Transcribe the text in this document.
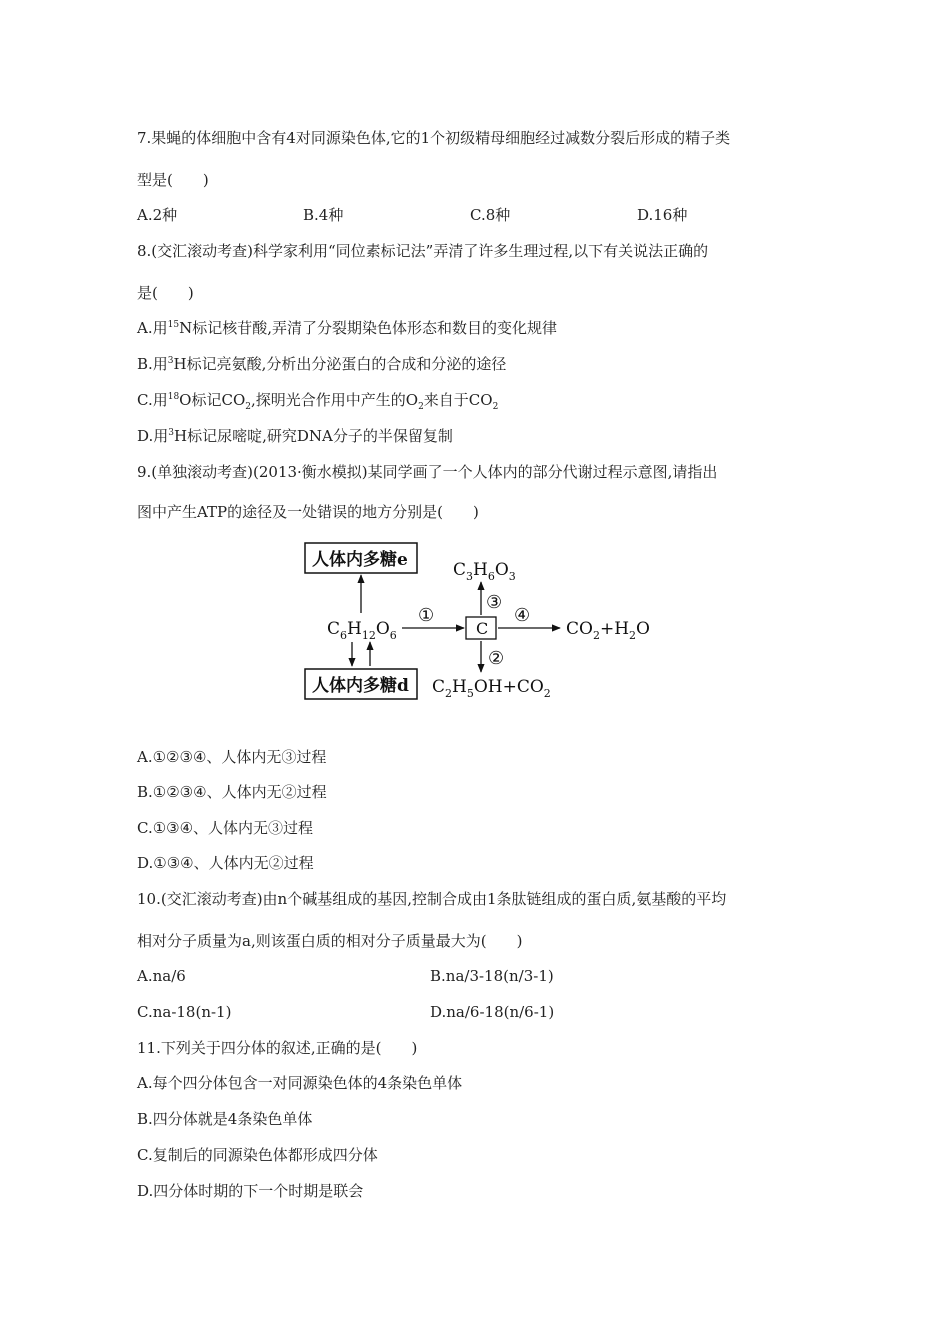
7.果蝇的体细胞中含有4对同源染色体,它的1个初级精母细胞经过减数分裂后形成的精子类
型是(　　)
A.2种	B.4种	C.8种	D.16种
8.(交汇滚动考查)科学家利用“同位素标记法”弄清了许多生理过程,以下有关说法正确的
是(　　)
A.用$^{15}$N标记核苷酸,弄清了分裂期染色体形态和数目的变化规律
B.用$^3$H标记亮氨酸,分析出分泌蛋白的合成和分泌的途径
C.用$^{18}$O标记$CO_2$,探明光合作用中产生的$O_2$来自于$CO_2$
D.用$^3$H标记尿嘧啶,研究DNA分子的半保留复制
9.(单独滚动考查)(2013·衡水模拟)某同学画了一个人体内的部分代谢过程示意图,请指出
图中产生ATP的途径及一处错误的地方分别是(　　)
人体内多糖e
人体内多糖d
$C_6H_{12}O_6$
①
C
③
$C_3H_6O_3$
④
$CO_2+H_2O$
②
$C_2H_5OH+CO_2$
A.①②③④、人体内无③过程
B.①②③④、人体内无②过程
C.①③④、人体内无③过程
D.①③④、人体内无②过程
10.(交汇滚动考查)由n个碱基组成的基因,控制合成由1条肽链组成的蛋白质,氨基酸的平均
相对分子质量为a,则该蛋白质的相对分子质量最大为(　　)
A.na/6	B.na/3-18(n/3-1)
C.na-18(n-1)	D.na/6-18(n/6-1)
11.下列关于四分体的叙述,正确的是(　　)
A.每个四分体包含一对同源染色体的4条染色单体
B.四分体就是4条染色单体
C.复制后的同源染色体都形成四分体
D.四分体时期的下一个时期是联会
